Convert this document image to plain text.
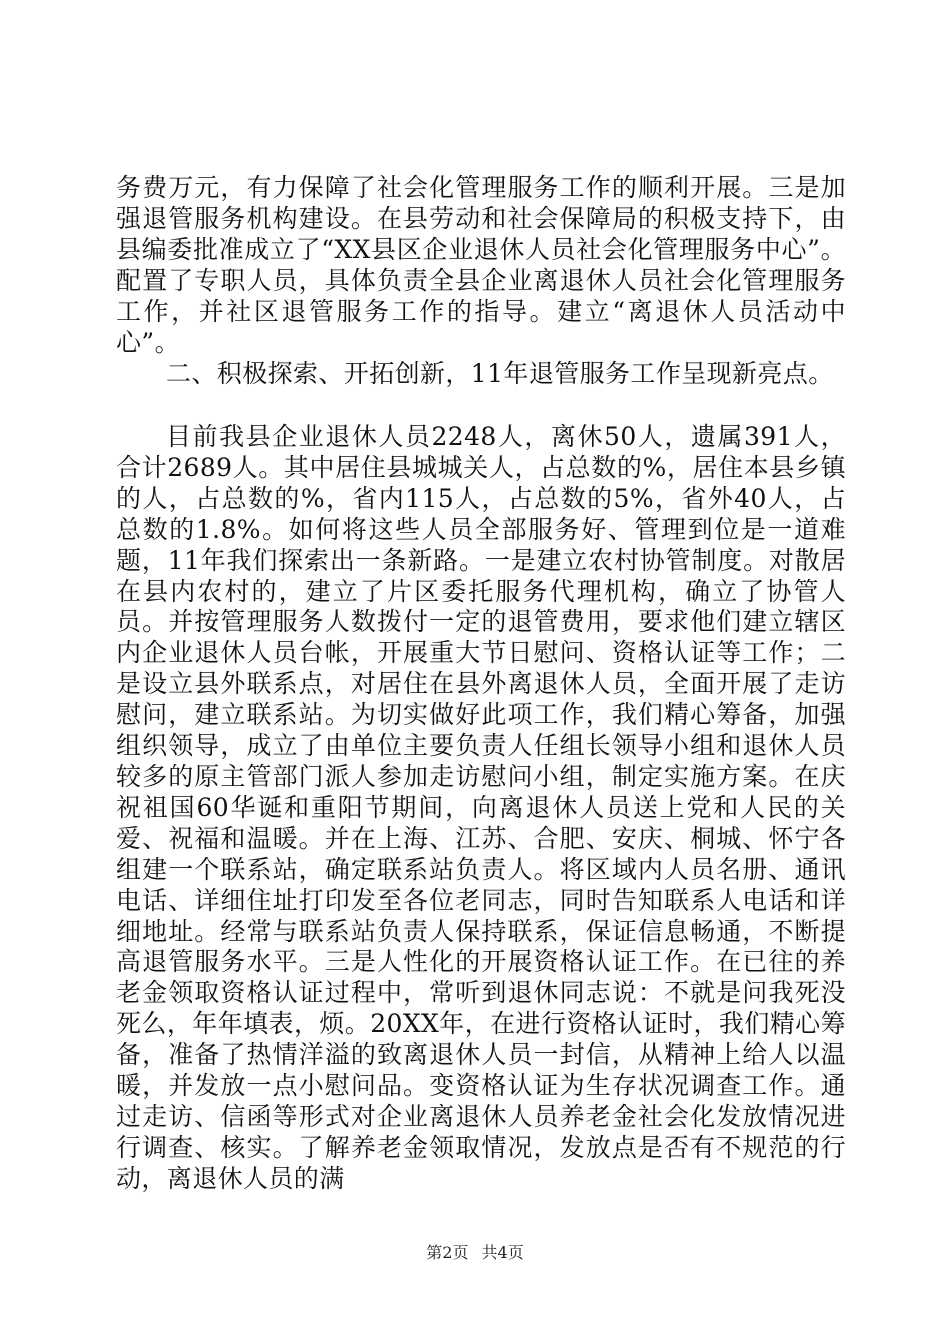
务费万元，有力保障了社会化管理服务工作的顺利开展。三是加强退管服务机构建设。在县劳动和社会保障局的积极支持下，由县编委批准成立了“XX县区企业退休人员社会化管理服务中心”。配置了专职人员，具体负责全县企业离退休人员社会化管理服务工作，并社区退管服务工作的指导。建立“离退休人员活动中心”。
二、积极探索、开拓创新，11年退管服务工作呈现新亮点。
目前我县企业退休人员2248人，离休50人，遗属391人，合计2689人。其中居住县城城关人，占总数的%，居住本县乡镇的人，占总数的%，省内115人，占总数的5%，省外40人，占总数的1.8%。如何将这些人员全部服务好、管理到位是一道难题，11年我们探索出一条新路。一是建立农村协管制度。对散居在县内农村的，建立了片区委托服务代理机构，确立了协管人员。并按管理服务人数拨付一定的退管费用，要求他们建立辖区内企业退休人员台帐，开展重大节日慰问、资格认证等工作；二是设立县外联系点，对居住在县外离退休人员，全面开展了走访慰问，建立联系站。为切实做好此项工作，我们精心筹备，加强组织领导，成立了由单位主要负责人任组长领导小组和退休人员较多的原主管部门派人参加走访慰问小组，制定实施方案。在庆祝祖国60华诞和重阳节期间，向离退休人员送上党和人民的关爱、祝福和温暖。并在上海、江苏、合肥、安庆、桐城、怀宁各组建一个联系站，确定联系站负责人。将区域内人员名册、通讯电话、详细住址打印发至各位老同志，同时告知联系人电话和详细地址。经常与联系站负责人保持联系，保证信息畅通，不断提高退管服务水平。三是人性化的开展资格认证工作。在已往的养老金领取资格认证过程中，常听到退休同志说：不就是问我死没死么，年年填表，烦。20XX年，在进行资格认证时，我们精心筹备，准备了热情洋溢的致离退休人员一封信，从精神上给人以温暖，并发放一点小慰问品。变资格认证为生存状况调查工作。通过走访、信函等形式对企业离退休人员养老金社会化发放情况进行调查、核实。了解养老金领取情况，发放点是否有不规范的行动，离退休人员的满
第2页 共4页
